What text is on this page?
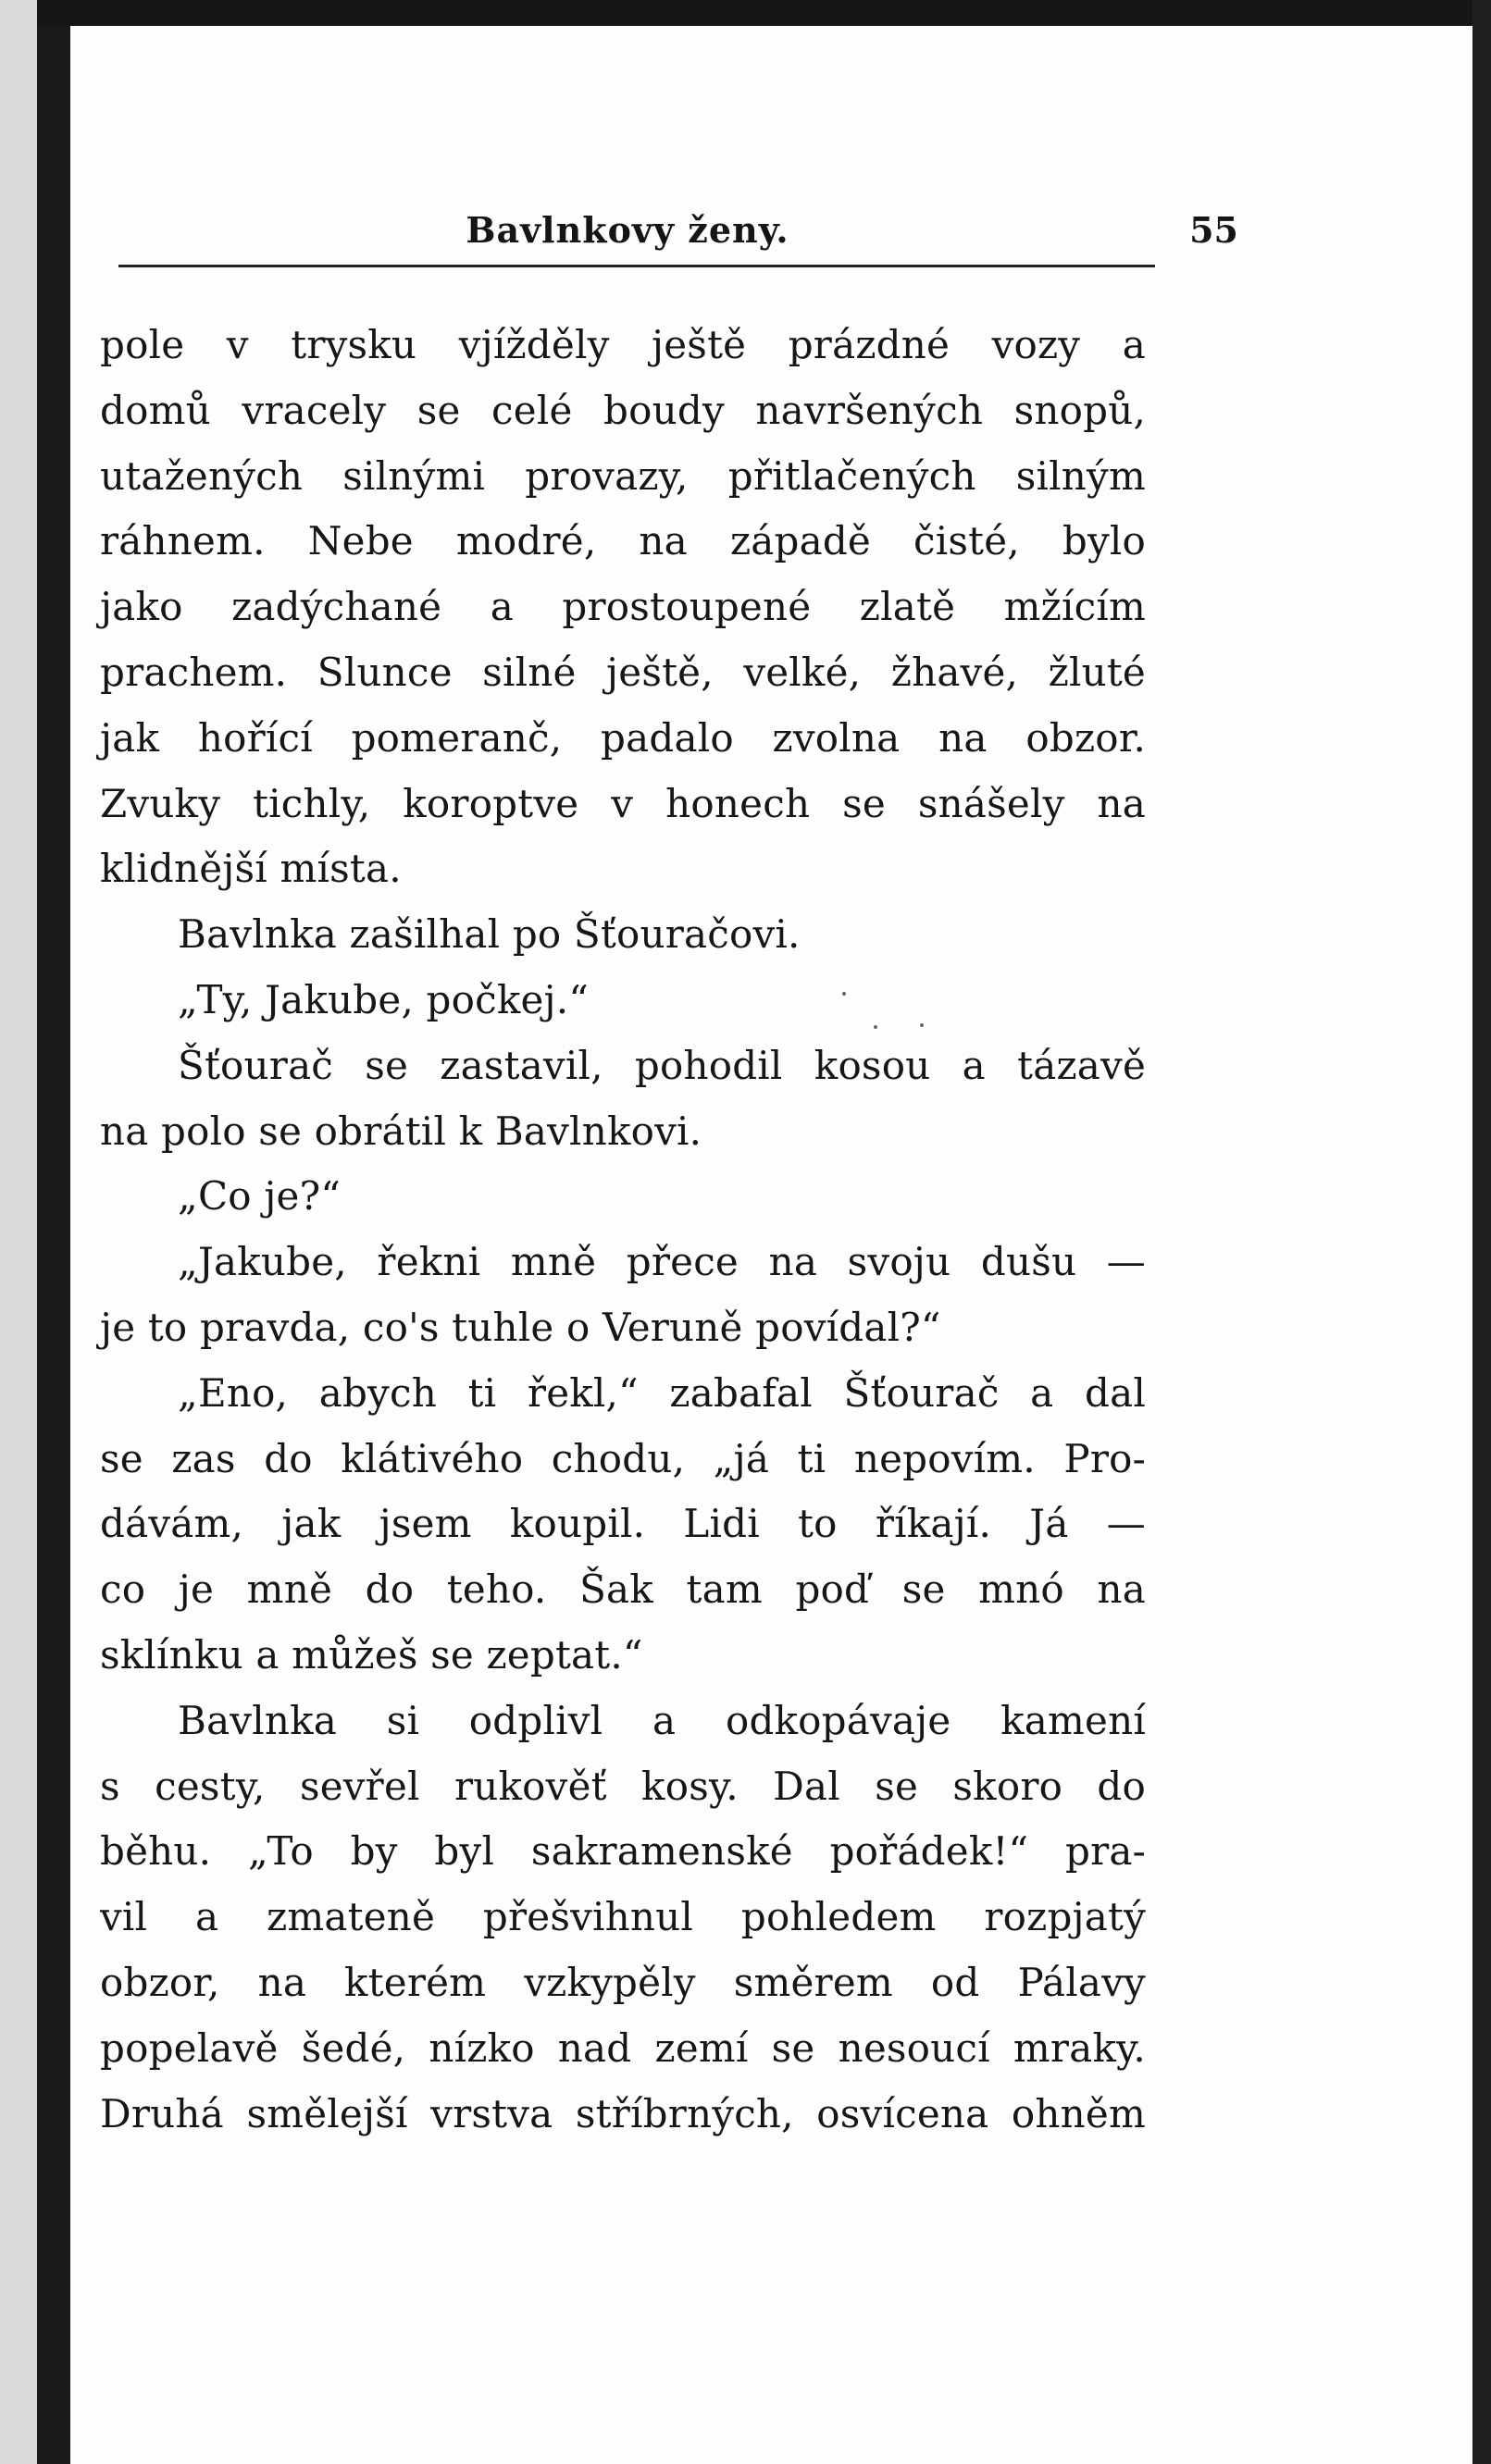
Bavlnkovy ženy.	55
pole v trysku vjížděly ještě prázdné vozy a
domů vracely se celé boudy navršených snopů,
utažených silnými provazy, přitlačených silným
ráhnem. Nebe modré, na západě čisté, bylo
jako zadýchané a prostoupené zlatě mžícím
prachem. Slunce silné ještě, velké, žhavé, žluté
jak hořící pomeranč, padalo zvolna na obzor.
Zvuky tichly, koroptve v honech se snášely na
klidnější místa.
Bavlnka zašilhal po Šťouračovi.
„Ty, Jakube, počkej.“
Šťourač se zastavil, pohodil kosou a tázavě
na polo se obrátil k Bavlnkovi.
„Co je?“
„Jakube, řekni mně přece na svoju dušu —
je to pravda, co's tuhle o Veruně povídal?“
„Eno, abych ti řekl,“ zabafal Šťourač a dal
se zas do klátivého chodu, „já ti nepovím. Pro-
dávám, jak jsem koupil. Lidi to říkají. Já —
co je mně do teho. Šak tam poď se mnó na
sklínku a můžeš se zeptat.“
Bavlnka si odplivl a odkopávaje kamení
s cesty, sevřel rukověť kosy. Dal se skoro do
běhu. „To by byl sakramenské pořádek!“ pra-
vil a zmateně přešvihnul pohledem rozpjatý
obzor, na kterém vzkypěly směrem od Pálavy
popelavě šedé, nízko nad zemí se nesoucí mraky.
Druhá smělejší vrstva stříbrných, osvícena ohněm
